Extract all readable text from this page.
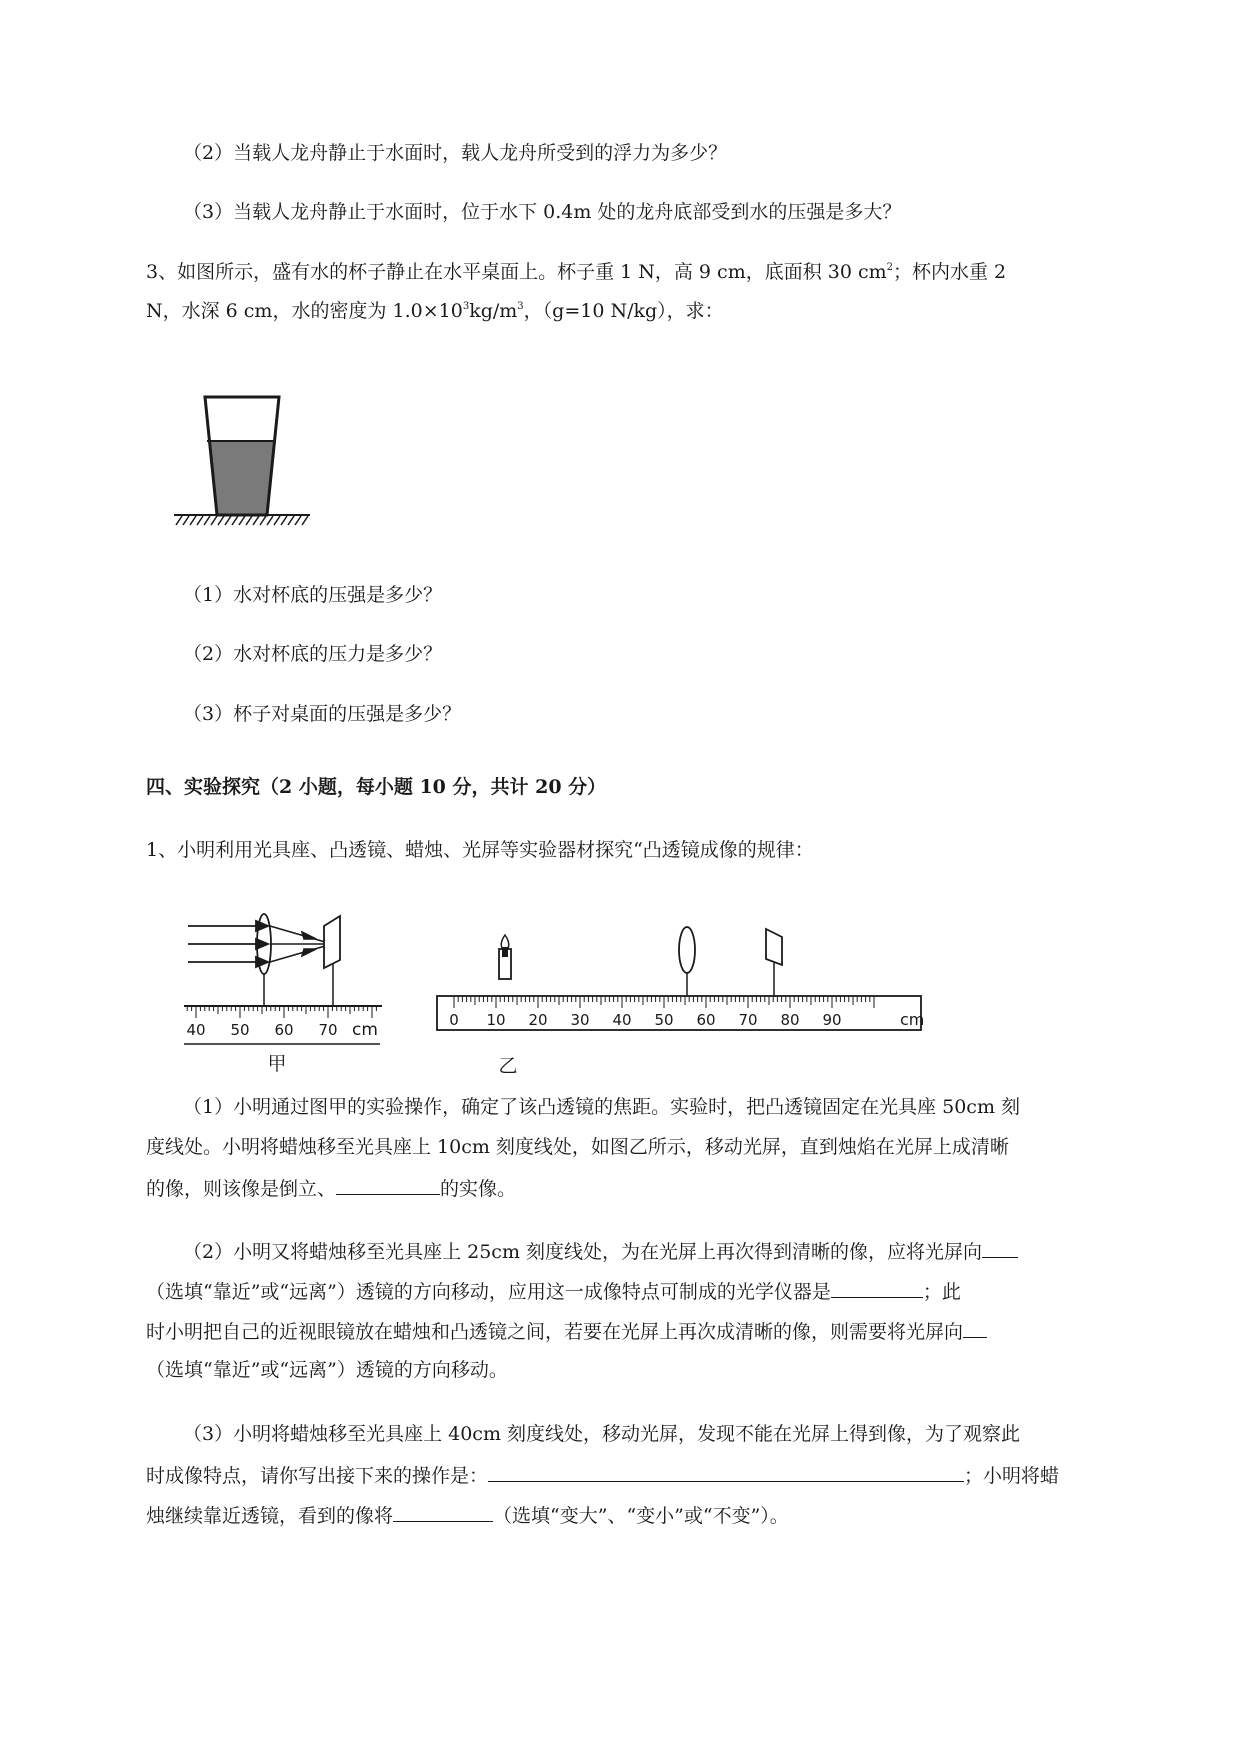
（2）当载人龙舟静止于水面时，载人龙舟所受到的浮力为多少？
（3）当载人龙舟静止于水面时，位于水下 0.4m 处的龙舟底部受到水的压强是多大？
3、如图所示，盛有水的杯子静止在水平桌面上。杯子重 1 N，高 9 cm，底面积 30 $cm^2$；杯内水重 2
N，水深 6 cm，水的密度为 $1.0\times 10^3kg/m^3$，（g=10 N/kg），求：
（1）水对杯底的压强是多少？
（2）水对杯底的压力是多少？
（3）杯子对桌面的压强是多少？
四、实验探究（2 小题，每小题 10 分，共计 20 分）
1、小明利用光具座、凸透镜、蜡烛、光屏等实验器材探究“凸透镜成像的规律：
40 50 60 70 cm
甲
0 10 20 30 40 50 60 70 80 90	cm
乙
（1）小明通过图甲的实验操作，确定了该凸透镜的焦距。实验时，把凸透镜固定在光具座 50cm 刻
度线处。小明将蜡烛移至光具座上 10cm 刻度线处，如图乙所示，移动光屏，直到烛焰在光屏上成清晰
的像，则该像是倒立、	的实像。
（2）小明又将蜡烛移至光具座上 25cm 刻度线处，为在光屏上再次得到清晰的像，应将光屏向
（选填“靠近”或“远离”）透镜的方向移动，应用这一成像特点可制成的光学仪器是	；此
时小明把自己的近视眼镜放在蜡烛和凸透镜之间，若要在光屏上再次成清晰的像，则需要将光屏向
（选填“靠近”或“远离”）透镜的方向移动。
（3）小明将蜡烛移至光具座上 40cm 刻度线处，移动光屏，发现不能在光屏上得到像，为了观察此
时成像特点，请你写出接下来的操作是：	；小明将蜡
烛继续靠近透镜，看到的像将	（选填“变大”、“变小”或“不变”）。
